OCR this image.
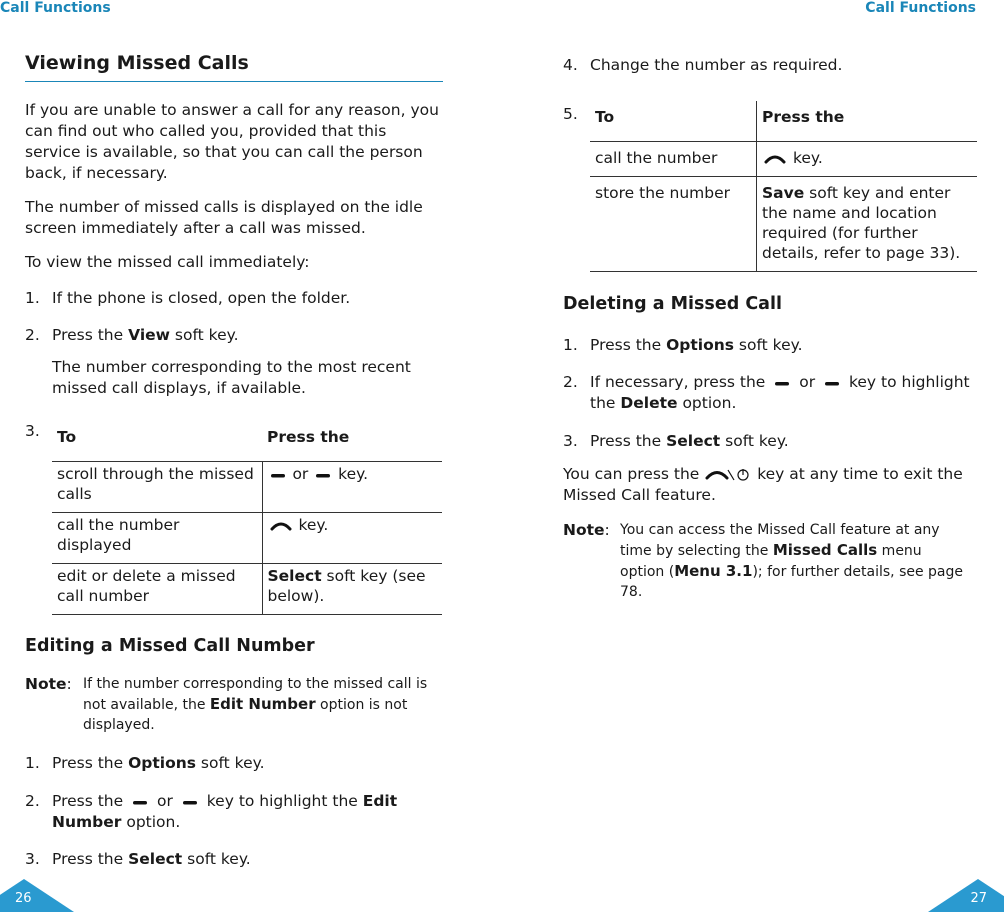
Call Functions	Call Functions
Viewing Missed Calls
If you are unable to answer a call for any reason, you can find out who called you, provided that this service is available, so that you can call the person back, if necessary.
The number of missed calls is displayed on the idle screen immediately after a call was missed.
To view the missed call immediately:
1. If the phone is closed, open the folder.
2. Press the View soft key.
The number corresponding to the most recent missed call displays, if available.
3. To	Press the
scroll through the missed calls	or key.
call the number displayed	key.
edit or delete a missed call number	Select soft key (see below).
Editing a Missed Call Number
Note: If the number corresponding to the missed call is not available, the Edit Number option is not displayed.
1. Press the Options soft key.
2. Press the  or  key to highlight the Edit Number option.
3. Press the Select soft key.
26
4. Change the number as required.
5. To	Press the
call the number	key.
store the number	Save soft key and enter the name and location required (for further details, refer to page 33).
Deleting a Missed Call
1. Press the Options soft key.
2. If necessary, press the  or  key to highlight the Delete option.
3. Press the Select soft key.
You can press the	key at any time to exit the Missed Call feature.
Note: You can access the Missed Call feature at any time by selecting the Missed Calls menu option (Menu 3.1); for further details, see page 78.
27
